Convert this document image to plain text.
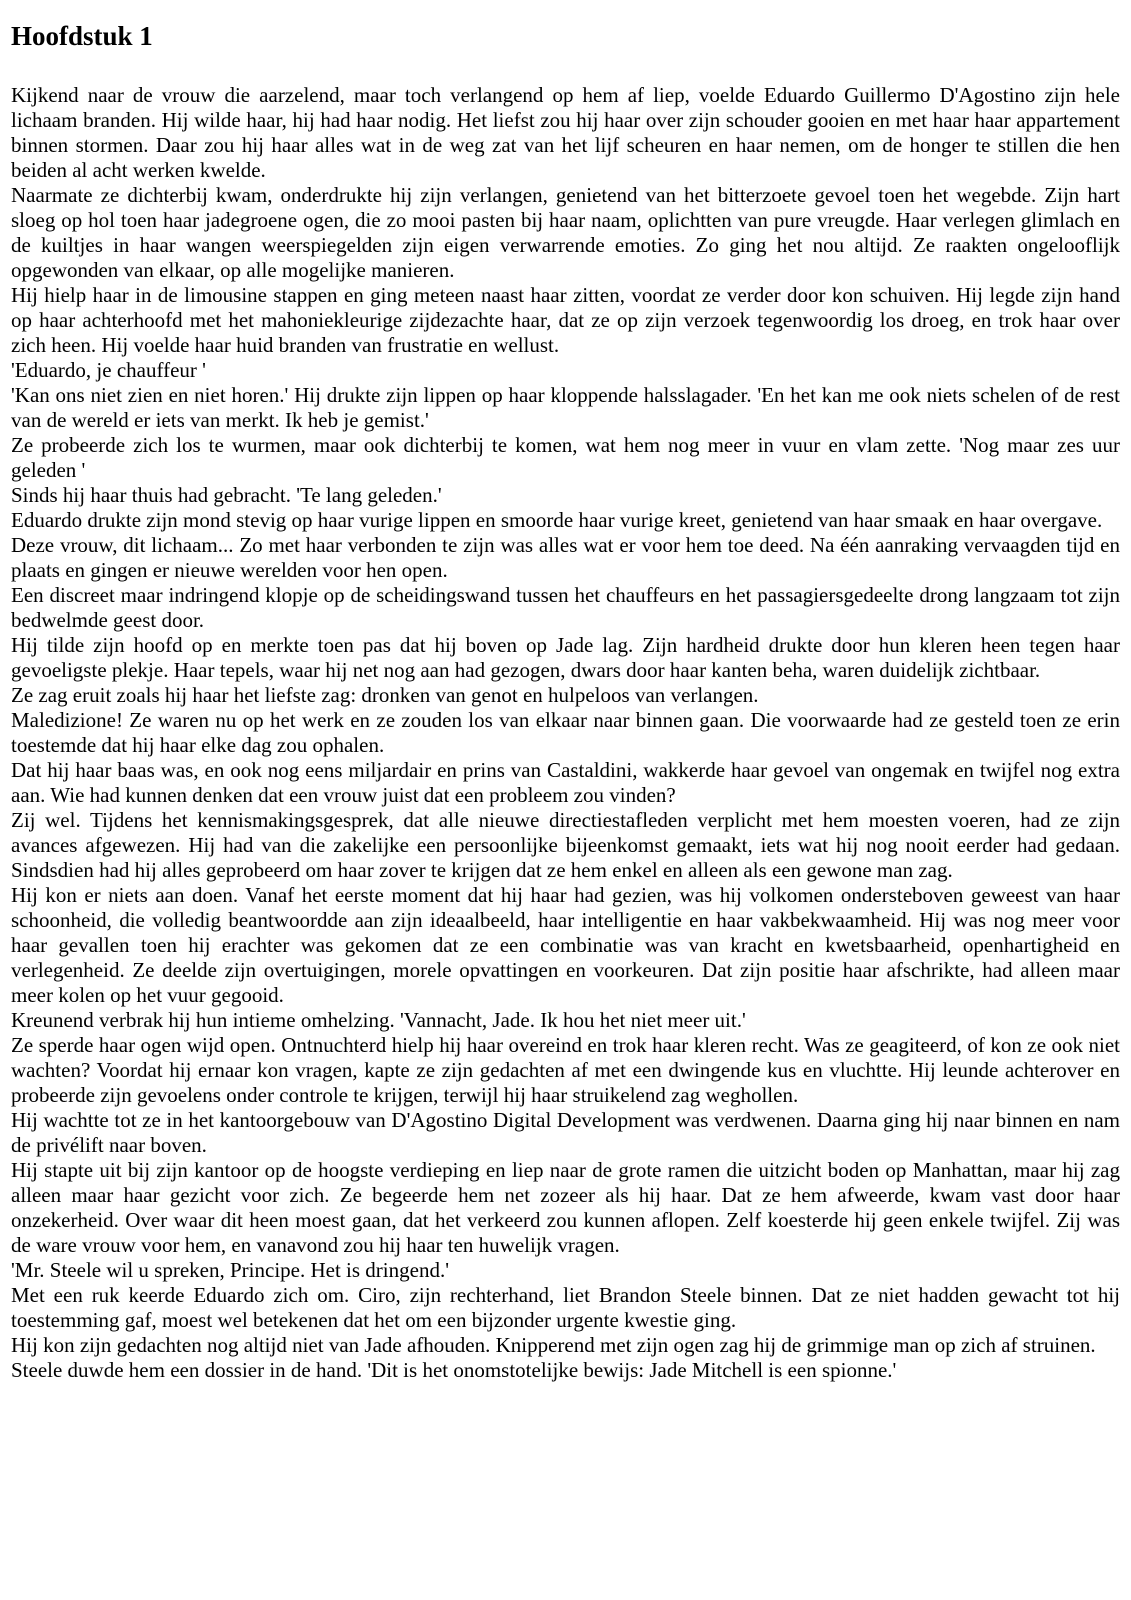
Hoofdstuk 1

Kijkend naar de vrouw die aarzelend, maar toch verlangend op hem af liep, voelde Eduardo Guillermo D'Agostino zijn hele lichaam branden. Hij wilde haar, hij had haar nodig. Het liefst zou hij haar over zijn schouder gooien en met haar haar appartement binnen stormen. Daar zou hij haar alles wat in de weg zat van het lijf scheuren en haar nemen, om de honger te stillen die hen beiden al acht werken kwelde.

Naarmate ze dichterbij kwam, onderdrukte hij zijn verlangen, genietend van het bitterzoete gevoel toen het wegebde. Zijn hart sloeg op hol toen haar jadegroene ogen, die zo mooi pasten bij haar naam, oplichtten van pure vreugde. Haar verlegen glimlach en de kuiltjes in haar wangen weerspiegelden zijn eigen verwarrende emoties. Zo ging het nou altijd. Ze raakten ongelooflijk opgewonden van elkaar, op alle mogelijke manieren.

Hij hielp haar in de limousine stappen en ging meteen naast haar zitten, voordat ze verder door kon schuiven. Hij legde zijn hand op haar achterhoofd met het mahoniekleurige zijdezachte haar, dat ze op zijn verzoek tegenwoordig los droeg, en trok haar over zich heen. Hij voelde haar huid branden van frustratie en wellust.

'Eduardo, je chauffeur '

'Kan ons niet zien en niet horen.' Hij drukte zijn lippen op haar kloppende halsslagader. 'En het kan me ook niets schelen of de rest van de wereld er iets van merkt. Ik heb je gemist.'

Ze probeerde zich los te wurmen, maar ook dichterbij te komen, wat hem nog meer in vuur en vlam zette. 'Nog maar zes uur geleden '

Sinds hij haar thuis had gebracht. 'Te lang geleden.'

Eduardo drukte zijn mond stevig op haar vurige lippen en smoorde haar vurige kreet, genietend van haar smaak en haar overgave.

Deze vrouw, dit lichaam... Zo met haar verbonden te zijn was alles wat er voor hem toe deed. Na één aanraking vervaagden tijd en plaats en gingen er nieuwe werelden voor hen open.

Een discreet maar indringend klopje op de scheidingswand tussen het chauffeurs en het passagiersgedeelte drong langzaam tot zijn bedwelmde geest door.

Hij tilde zijn hoofd op en merkte toen pas dat hij boven op Jade lag. Zijn hardheid drukte door hun kleren heen tegen haar gevoeligste plekje. Haar tepels, waar hij net nog aan had gezogen, dwars door haar kanten beha, waren duidelijk zichtbaar.

Ze zag eruit zoals hij haar het liefste zag: dronken van genot en hulpeloos van verlangen.

Maledizione! Ze waren nu op het werk en ze zouden los van elkaar naar binnen gaan. Die voorwaarde had ze gesteld toen ze erin toestemde dat hij haar elke dag zou ophalen.

Dat hij haar baas was, en ook nog eens miljardair en prins van Castaldini, wakkerde haar gevoel van ongemak en twijfel nog extra aan. Wie had kunnen denken dat een vrouw juist dat een probleem zou vinden?

Zij wel. Tijdens het kennismakingsgesprek, dat alle nieuwe directiestafleden verplicht met hem moesten voeren, had ze zijn avances afgewezen. Hij had van die zakelijke een persoonlijke bijeenkomst gemaakt, iets wat hij nog nooit eerder had gedaan. Sindsdien had hij alles geprobeerd om haar zover te krijgen dat ze hem enkel en alleen als een gewone man zag.

Hij kon er niets aan doen. Vanaf het eerste moment dat hij haar had gezien, was hij volkomen ondersteboven geweest van haar schoonheid, die volledig beantwoordde aan zijn ideaalbeeld, haar intelligentie en haar vakbekwaamheid. Hij was nog meer voor haar gevallen toen hij erachter was gekomen dat ze een combinatie was van kracht en kwetsbaarheid, openhartigheid en verlegenheid. Ze deelde zijn overtuigingen, morele opvattingen en voorkeuren. Dat zijn positie haar afschrikte, had alleen maar meer kolen op het vuur gegooid.

Kreunend verbrak hij hun intieme omhelzing. 'Vannacht, Jade. Ik hou het niet meer uit.'

Ze sperde haar ogen wijd open. Ontnuchterd hielp hij haar overeind en trok haar kleren recht. Was ze geagiteerd, of kon ze ook niet wachten? Voordat hij ernaar kon vragen, kapte ze zijn gedachten af met een dwingende kus en vluchtte. Hij leunde achterover en probeerde zijn gevoelens onder controle te krijgen, terwijl hij haar struikelend zag weghollen.

Hij wachtte tot ze in het kantoorgebouw van D'Agostino Digital Development was verdwenen. Daarna ging hij naar binnen en nam de privélift naar boven.

Hij stapte uit bij zijn kantoor op de hoogste verdieping en liep naar de grote ramen die uitzicht boden op Manhattan, maar hij zag alleen maar haar gezicht voor zich. Ze begeerde hem net zozeer als hij haar. Dat ze hem afweerde, kwam vast door haar onzekerheid. Over waar dit heen moest gaan, dat het verkeerd zou kunnen aflopen. Zelf koesterde hij geen enkele twijfel. Zij was de ware vrouw voor hem, en vanavond zou hij haar ten huwelijk vragen.

'Mr. Steele wil u spreken, Principe. Het is dringend.'

Met een ruk keerde Eduardo zich om. Ciro, zijn rechterhand, liet Brandon Steele binnen. Dat ze niet hadden gewacht tot hij toestemming gaf, moest wel betekenen dat het om een bijzonder urgente kwestie ging.

Hij kon zijn gedachten nog altijd niet van Jade afhouden. Knipperend met zijn ogen zag hij de grimmige man op zich af struinen.

Steele duwde hem een dossier in de hand. 'Dit is het onomstotelijke bewijs: Jade Mitchell is een spionne.'
